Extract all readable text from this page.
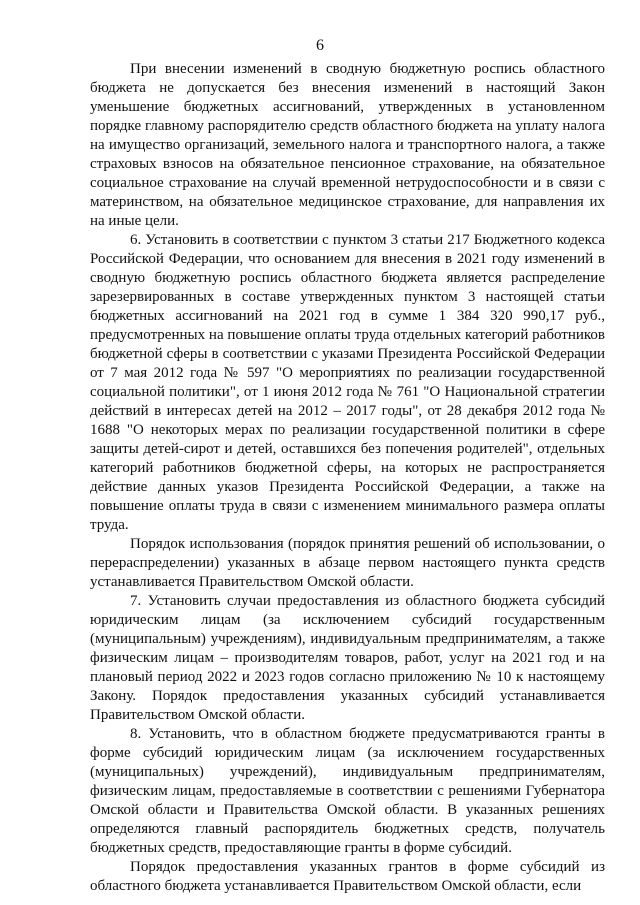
6

При внесении изменений в сводную бюджетную роспись областного бюджета не допускается без внесения изменений в настоящий Закон уменьшение бюджетных ассигнований, утвержденных в установленном порядке главному распорядителю средств областного бюджета на уплату налога на имущество организаций, земельного налога и транспортного налога, а также страховых взносов на обязательное пенсионное страхование, на обязательное социальное страхование на случай временной нетрудоспособности и в связи с материнством, на обязательное медицинское страхование, для направления их на иные цели.

6. Установить в соответствии с пунктом 3 статьи 217 Бюджетного кодекса Российской Федерации, что основанием для внесения в 2021 году изменений в сводную бюджетную роспись областного бюджета является распределение зарезервированных в составе утвержденных пунктом 3 настоящей статьи бюджетных ассигнований на 2021 год в сумме 1 384 320 990,17 руб., предусмотренных на повышение оплаты труда отдельных категорий работников бюджетной сферы в соответствии с указами Президента Российской Федерации от 7 мая 2012 года № 597 "О мероприятиях по реализации государственной социальной политики", от 1 июня 2012 года № 761 "О Национальной стратегии действий в интересах детей на 2012 – 2017 годы", от 28 декабря 2012 года № 1688 "О некоторых мерах по реализации государственной политики в сфере защиты детей-сирот и детей, оставшихся без попечения родителей", отдельных категорий работников бюджетной сферы, на которых не распространяется действие данных указов Президента Российской Федерации, а также на повышение оплаты труда в связи с изменением минимального размера оплаты труда.

Порядок использования (порядок принятия решений об использовании, о перераспределении) указанных в абзаце первом настоящего пункта средств устанавливается Правительством Омской области.

7. Установить случаи предоставления из областного бюджета субсидий юридическим лицам (за исключением субсидий государственным (муниципальным) учреждениям), индивидуальным предпринимателям, а также физическим лицам – производителям товаров, работ, услуг на 2021 год и на плановый период 2022 и 2023 годов согласно приложению № 10 к настоящему Закону. Порядок предоставления указанных субсидий устанавливается Правительством Омской области.

8. Установить, что в областном бюджете предусматриваются гранты в форме субсидий юридическим лицам (за исключением государственных (муниципальных) учреждений), индивидуальным предпринимателям, физическим лицам, предоставляемые в соответствии с решениями Губернатора Омской области и Правительства Омской области. В указанных решениях определяются главный распорядитель бюджетных средств, получатель бюджетных средств, предоставляющие гранты в форме субсидий.

Порядок предоставления указанных грантов в форме субсидий из областного бюджета устанавливается Правительством Омской области, если
